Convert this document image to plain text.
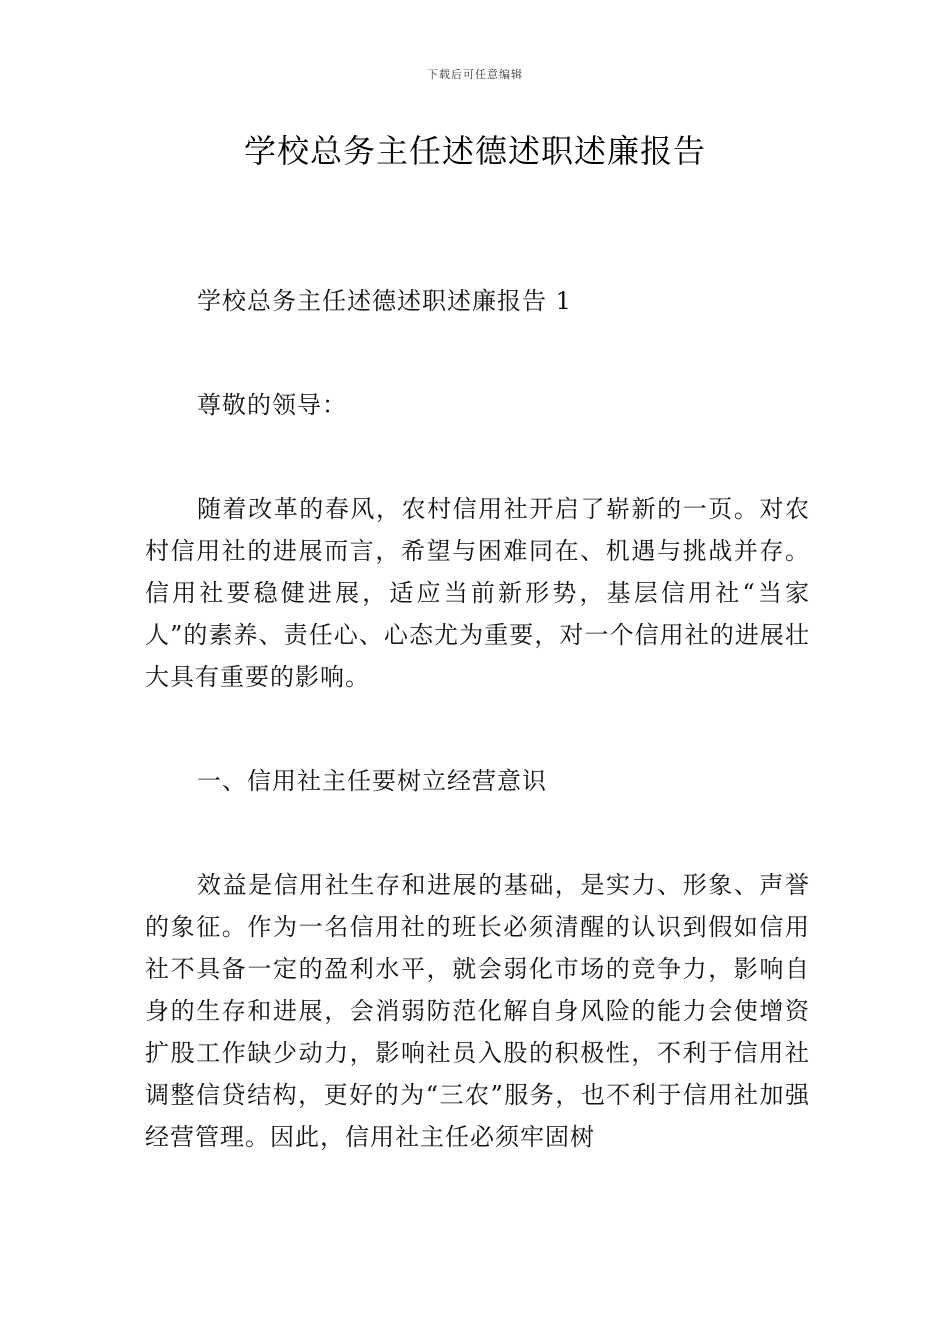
下载后可任意编辑
学校总务主任述德述职述廉报告

学校总务主任述德述职述廉报告 1

尊敬的领导：

随着改革的春风，农村信用社开启了崭新的一页。对农村信用社的进展而言，希望与困难同在、机遇与挑战并存。信用社要稳健进展，适应当前新形势，基层信用社“当家人”的素养、责任心、心态尤为重要，对一个信用社的进展壮大具有重要的影响。

一、信用社主任要树立经营意识

效益是信用社生存和进展的基础，是实力、形象、声誉的象征。作为一名信用社的班长必须清醒的认识到假如信用社不具备一定的盈利水平，就会弱化市场的竞争力，影响自身的生存和进展，会消弱防范化解自身风险的能力会使增资扩股工作缺少动力，影响社员入股的积极性，不利于信用社调整信贷结构，更好的为“三农”服务，也不利于信用社加强经营管理。因此，信用社主任必须牢固树
